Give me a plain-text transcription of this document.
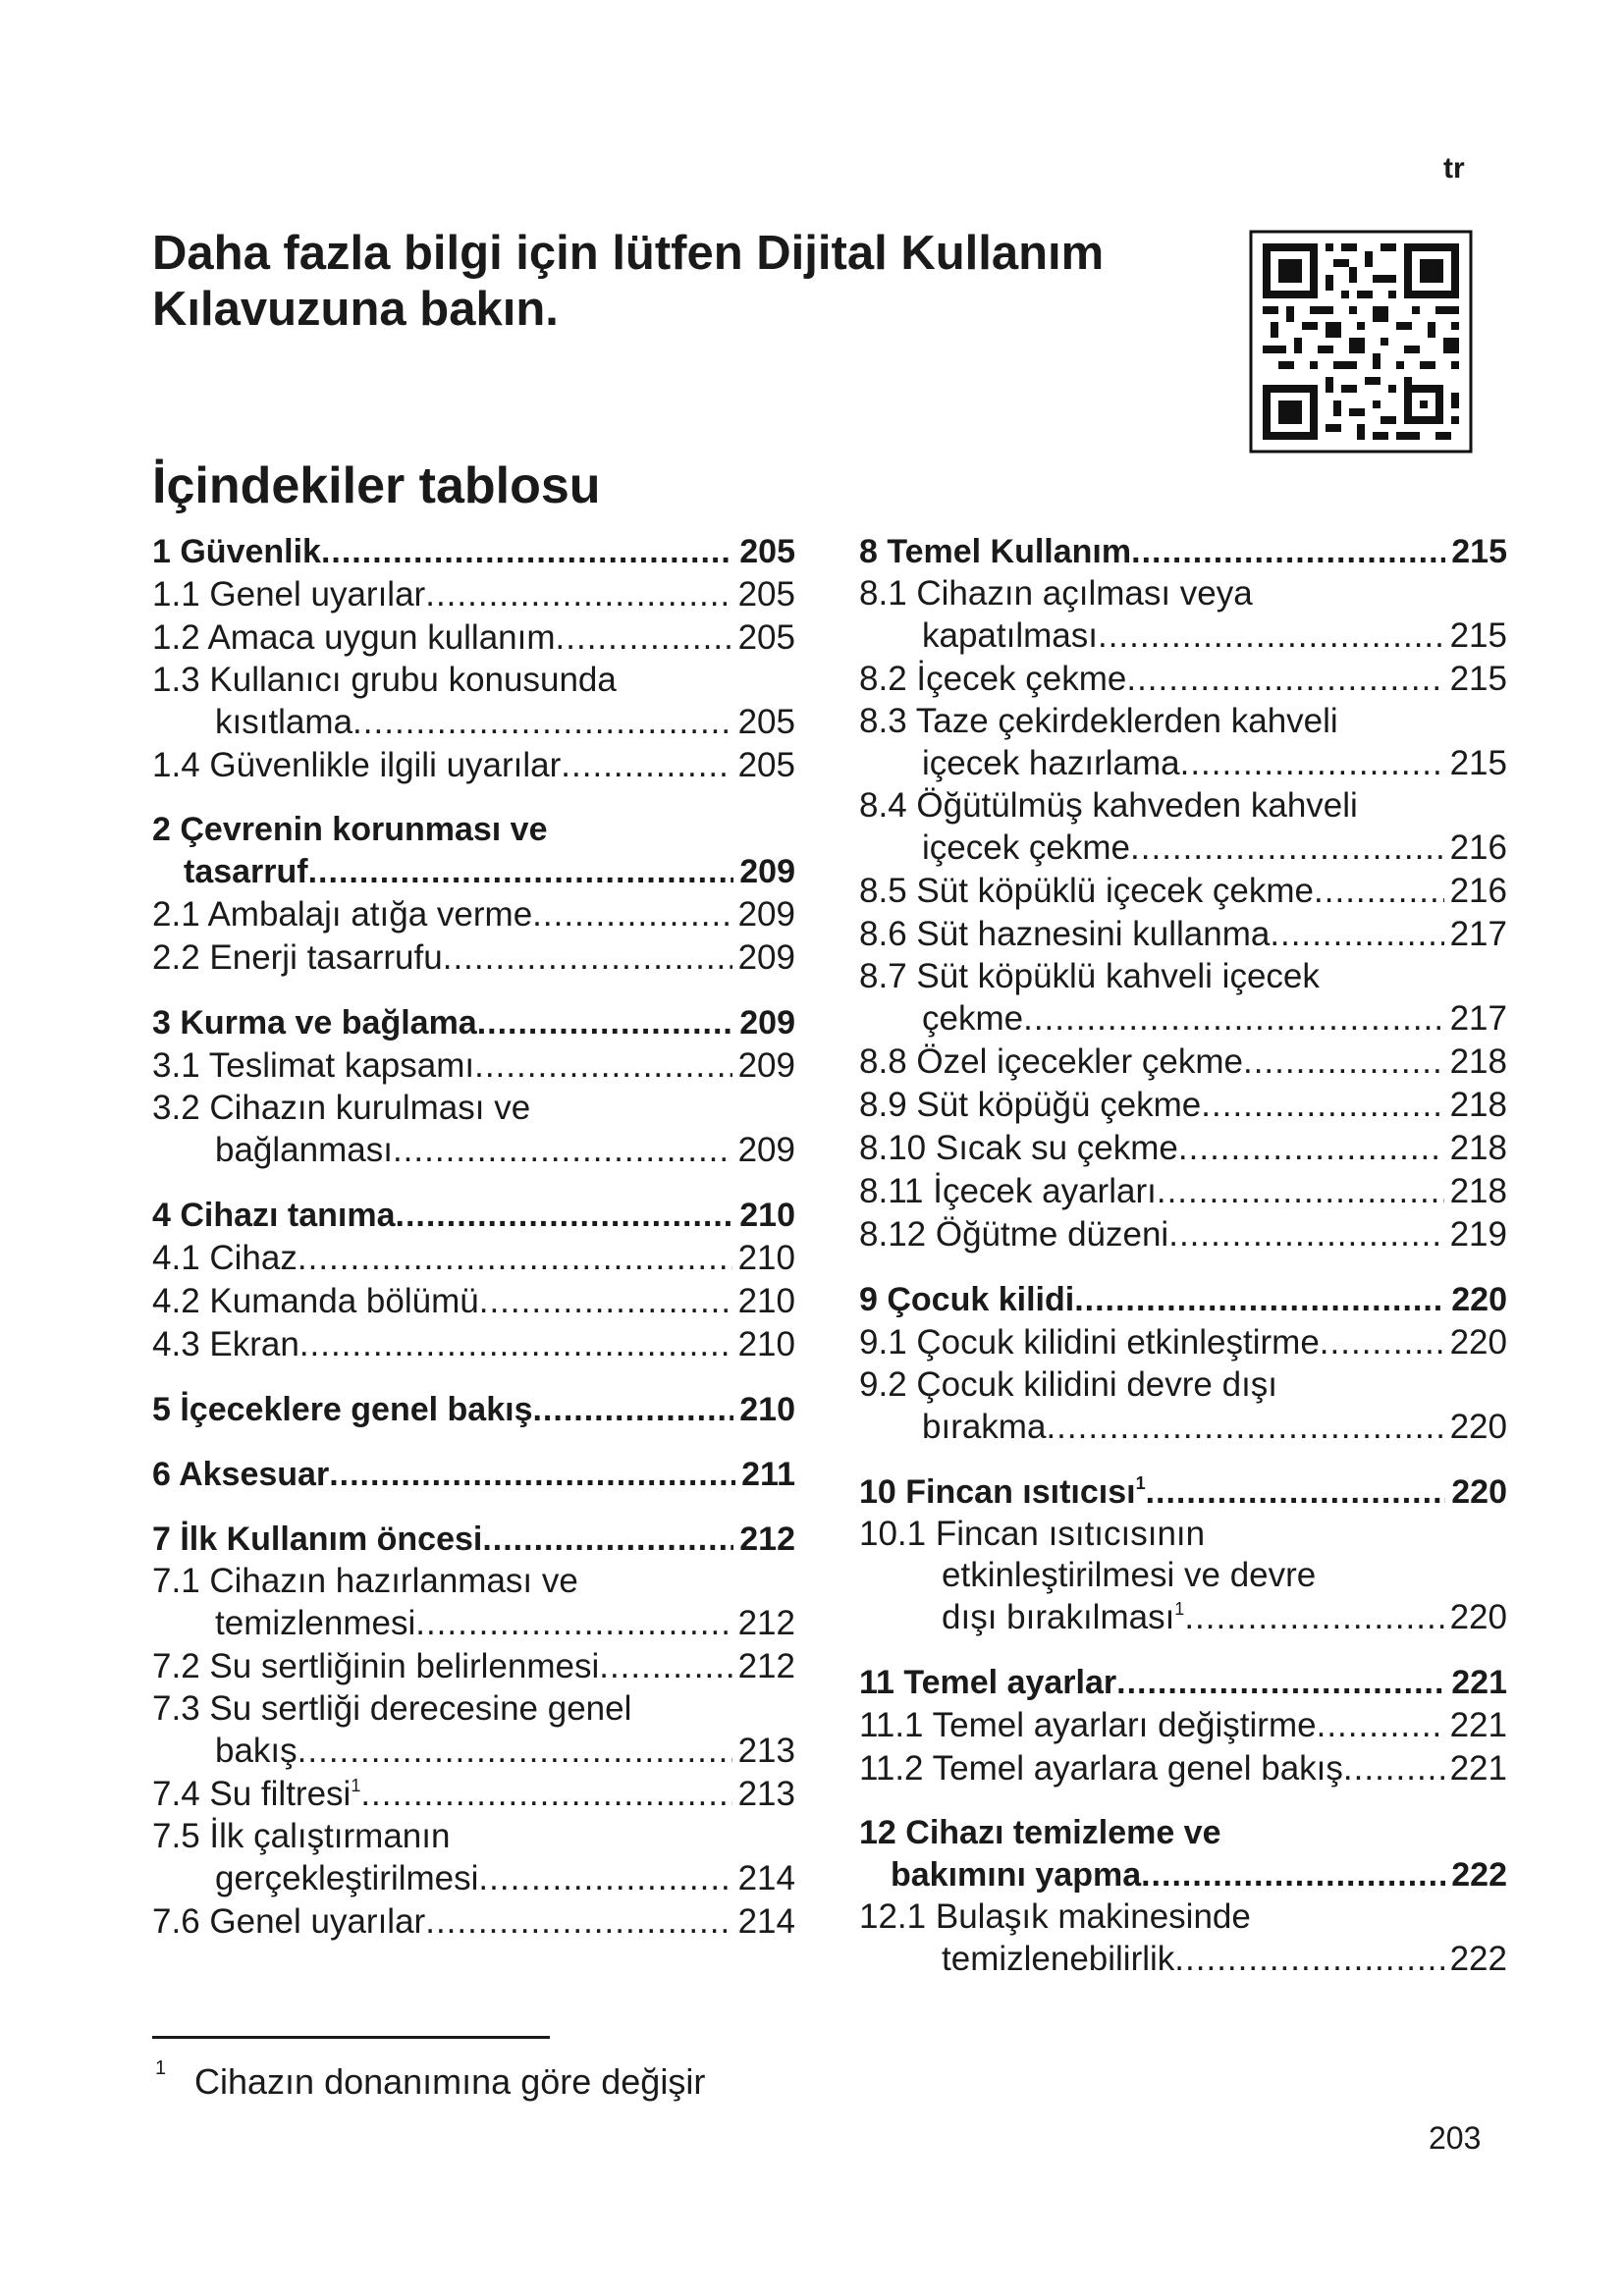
tr
Daha fazla bilgi için lütfen Dijital Kullanım
Kılavuzuna bakın.
İçindekiler tablosu
1 Güvenlik .....	205
1.1 Genel uyarılar .....	205
1.2 Amaca uygun kullanım .....	205
1.3 Kullanıcı grubu konusunda
kısıtlama .....	205
1.4 Güvenlikle ilgili uyarılar .....	205
2 Çevrenin korunması ve
tasarruf .....	209
2.1 Ambalajı atığa verme .....	209
2.2 Enerji tasarrufu .....	209
3 Kurma ve bağlama .....	209
3.1 Teslimat kapsamı .....	209
3.2 Cihazın kurulması ve
bağlanması .....	209
4 Cihazı tanıma .....	210
4.1 Cihaz .....	210
4.2 Kumanda bölümü .....	210
4.3 Ekran .....	210
5 İçeceklere genel bakış .....	210
6 Aksesuar .....	211
7 İlk Kullanım öncesi .....	212
7.1 Cihazın hazırlanması ve
temizlenmesi .....	212
7.2 Su sertliğinin belirlenmesi .....	212
7.3 Su sertliği derecesine genel
bakış .....	213
7.4 Su filtresi$^1$ .....	213
7.5 İlk çalıştırmanın
gerçekleştirilmesi .....	214
7.6 Genel uyarılar .....	214
8 Temel Kullanım .....	215
8.1 Cihazın açılması veya
kapatılması .....	215
8.2 İçecek çekme .....	215
8.3 Taze çekirdeklerden kahveli
içecek hazırlama .....	215
8.4 Öğütülmüş kahveden kahveli
içecek çekme .....	216
8.5 Süt köpüklü içecek çekme .....	216
8.6 Süt haznesini kullanma .....	217
8.7 Süt köpüklü kahveli içecek
çekme .....	217
8.8 Özel içecekler çekme .....	218
8.9 Süt köpüğü çekme .....	218
8.10 Sıcak su çekme .....	218
8.11 İçecek ayarları .....	218
8.12 Öğütme düzeni .....	219
9 Çocuk kilidi .....	220
9.1 Çocuk kilidini etkinleştirme .....	220
9.2 Çocuk kilidini devre dışı
bırakma .....	220
10 Fincan ısıtıcısı$^1$ .....	220
10.1 Fincan ısıtıcısının
etkinleştirilmesi ve devre
dışı bırakılması$^1$ .....	220
11 Temel ayarlar .....	221
11.1 Temel ayarları değiştirme .....	221
11.2 Temel ayarlara genel bakış .....	221
12 Cihazı temizleme ve
bakımını yapma .....	222
12.1 Bulaşık makinesinde
temizlenebilirlik .....	222
1 Cihazın donanımına göre değişir
203
